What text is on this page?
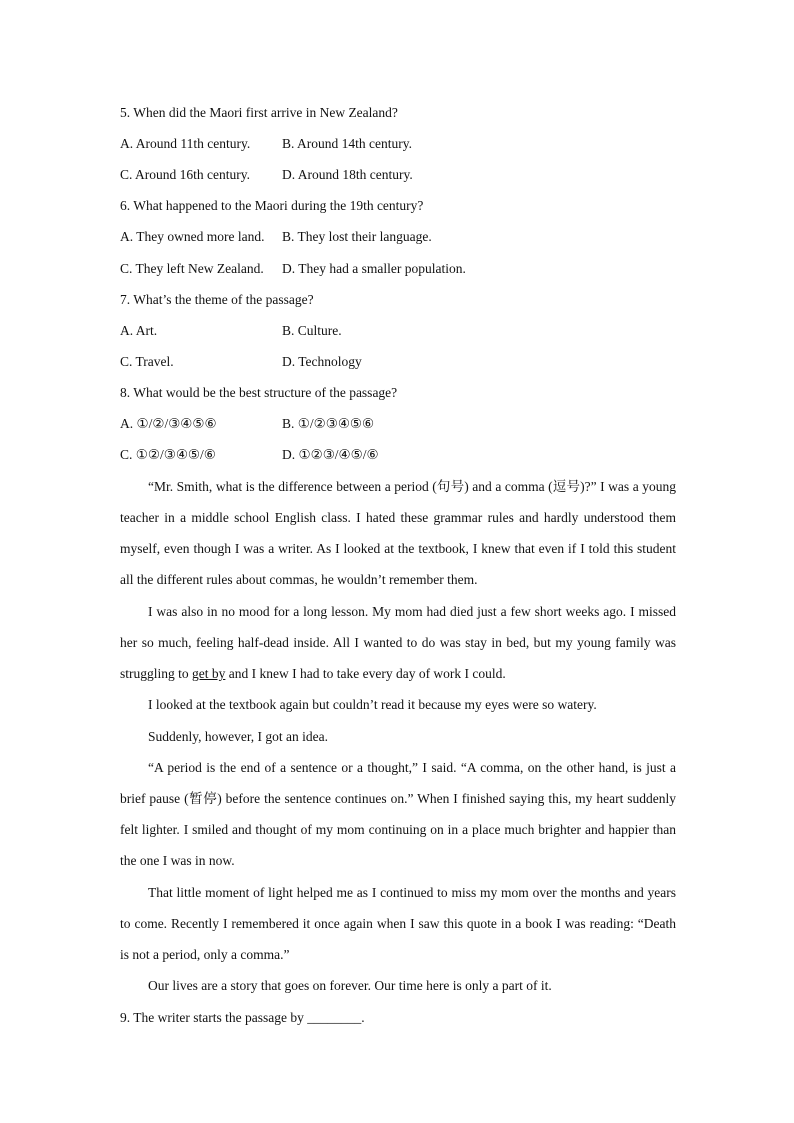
5. When did the Maori first arrive in New Zealand?
A. Around 11th century. B. Around 14th century.
C. Around 16th century. D. Around 18th century.
6. What happened to the Maori during the 19th century?
A. They owned more land. B. They lost their language.
C. They left New Zealand. D. They had a smaller population.
7. What’s the theme of the passage?
A. Art.	B. Culture.
C. Travel.	D. Technology
8. What would be the best structure of the passage?
A. ①/②/③④⑤⑥	B. ①/②③④⑤⑥
C. ①②/③④⑤/⑥	D. ①②③/④⑤/⑥

“Mr. Smith, what is the difference between a period (句号) and a comma (逗号)?” I was a young teacher in a middle school English class. I hated these grammar rules and hardly understood them myself, even though I was a writer. As I looked at the textbook, I knew that even if I told this student all the different rules about commas, he wouldn’t remember them.

I was also in no mood for a long lesson. My mom had died just a few short weeks ago. I missed her so much, feeling half-dead inside. All I wanted to do was stay in bed, but my young family was struggling to get by and I knew I had to take every day of work I could.

I looked at the textbook again but couldn’t read it because my eyes were so watery.

Suddenly, however, I got an idea.

“A period is the end of a sentence or a thought,” I said. “A comma, on the other hand, is just a brief pause (暂停) before the sentence continues on.” When I finished saying this, my heart suddenly felt lighter. I smiled and thought of my mom continuing on in a place much brighter and happier than the one I was in now.

That little moment of light helped me as I continued to miss my mom over the months and years to come. Recently I remembered it once again when I saw this quote in a book I was reading: “Death is not a period, only a comma.”

Our lives are a story that goes on forever. Our time here is only a part of it.

9. The writer starts the passage by ________.
